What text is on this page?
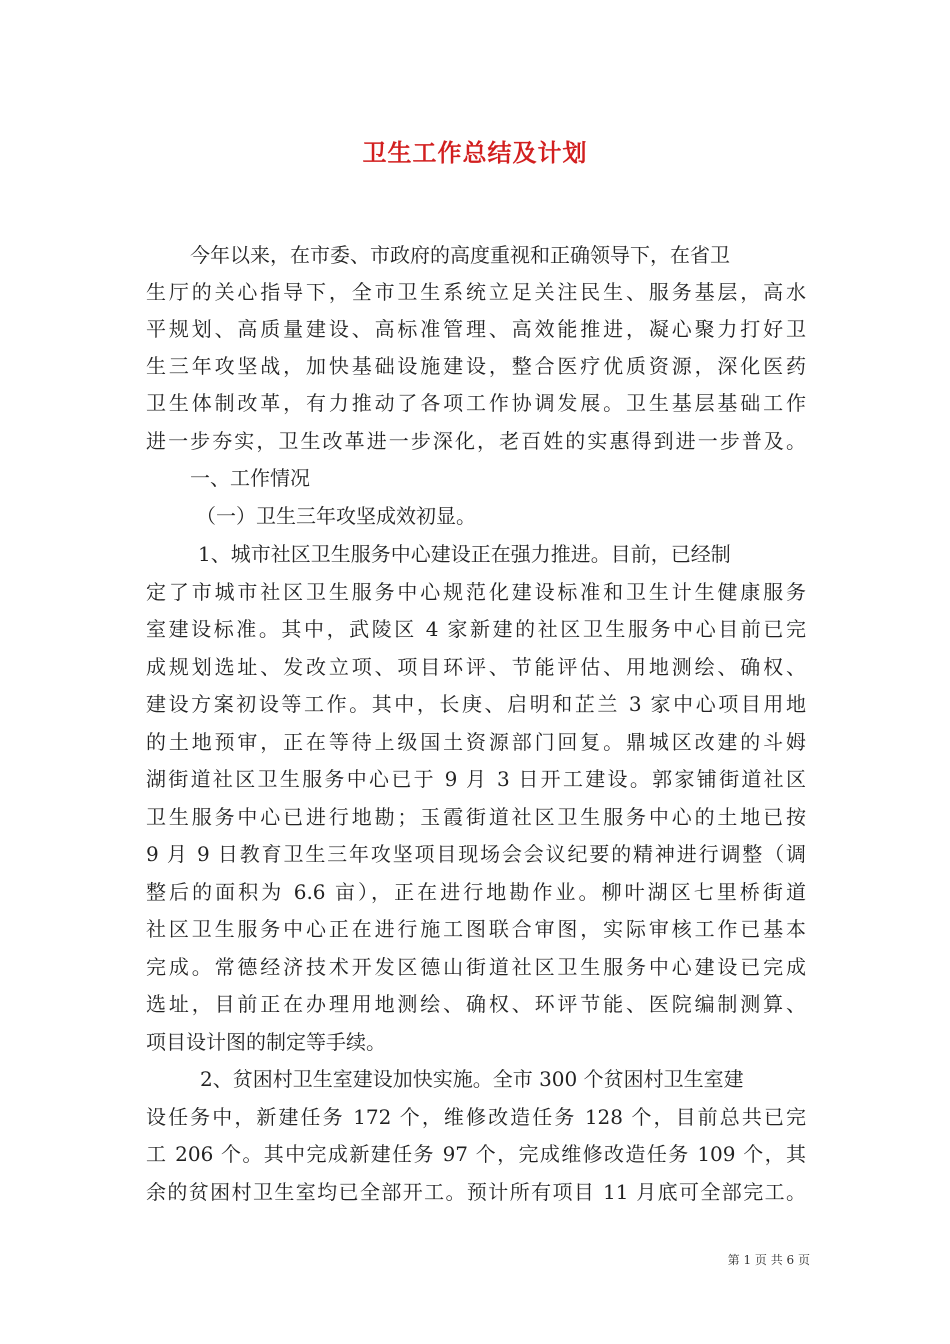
卫生工作总结及计划
今年以来，在市委、市政府的高度重视和正确领导下，在省卫
生厅的关心指导下，全市卫生系统立足关注民生、服务基层，高水
平规划、高质量建设、高标准管理、高效能推进，凝心聚力打好卫
生三年攻坚战，加快基础设施建设，整合医疗优质资源，深化医药
卫生体制改革，有力推动了各项工作协调发展。卫生基层基础工作
进一步夯实，卫生改革进一步深化，老百姓的实惠得到进一步普及。
一、工作情况
（一）卫生三年攻坚成效初显。
1、城市社区卫生服务中心建设正在强力推进。目前，已经制
定了市城市社区卫生服务中心规范化建设标准和卫生计生健康服务
室建设标准。其中，武陵区 4 家新建的社区卫生服务中心目前已完
成规划选址、发改立项、项目环评、节能评估、用地测绘、确权、
建设方案初设等工作。其中，长庚、启明和芷兰 3 家中心项目用地
的土地预审，正在等待上级国土资源部门回复。鼎城区改建的斗姆
湖街道社区卫生服务中心已于 9 月 3 日开工建设。郭家铺街道社区
卫生服务中心已进行地勘；玉霞街道社区卫生服务中心的土地已按
9 月 9 日教育卫生三年攻坚项目现场会会议纪要的精神进行调整（调
整后的面积为 6.6 亩），正在进行地勘作业。柳叶湖区七里桥街道
社区卫生服务中心正在进行施工图联合审图，实际审核工作已基本
完成。常德经济技术开发区德山街道社区卫生服务中心建设已完成
选址，目前正在办理用地测绘、确权、环评节能、医院编制测算、
项目设计图的制定等手续。
2、贫困村卫生室建设加快实施。全市 300 个贫困村卫生室建
设任务中，新建任务 172 个，维修改造任务 128 个，目前总共已完
工 206 个。其中完成新建任务 97 个，完成维修改造任务 109 个，其
余的贫困村卫生室均已全部开工。预计所有项目 11 月底可全部完工。
第 1 页 共 6 页
